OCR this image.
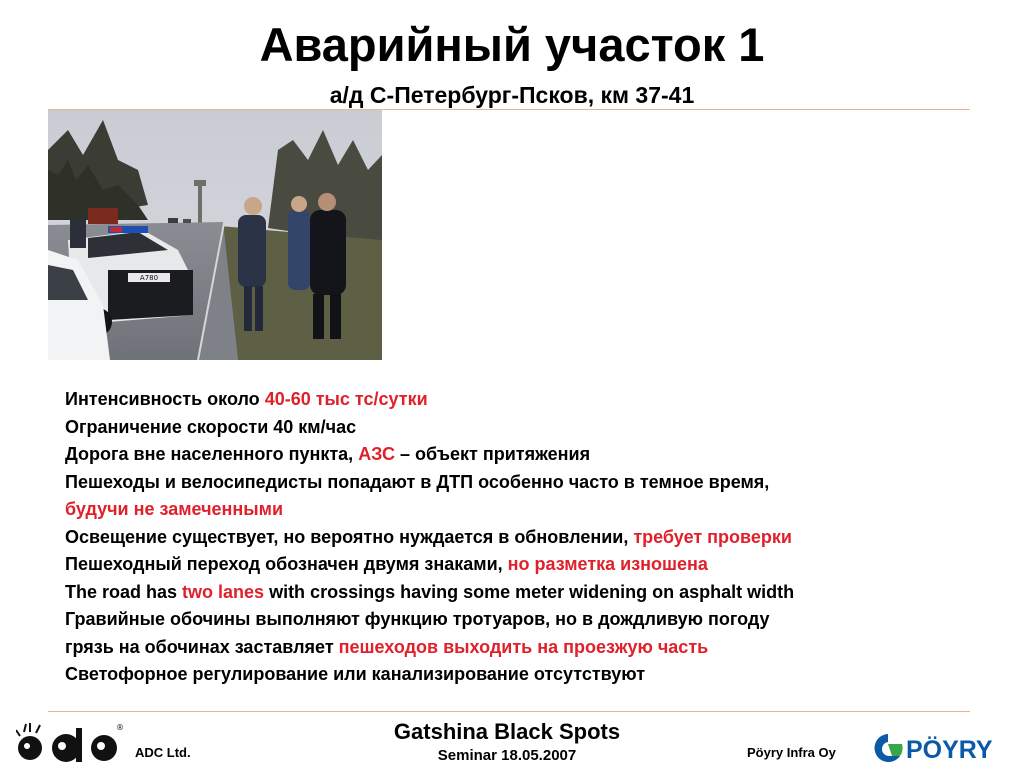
Аварийный участок 1
а/д С-Петербург-Псков, км 37-41
A780
Интенсивность около 40-60 тыс тс/сутки
Ограничение скорости 40 км/час
Дорога вне населенного пункта, АЗС – объект притяжения
Пешеходы и велосипедисты попадают в ДТП особенно часто в темное время,
будучи не замеченными
Освещение существует, но вероятно нуждается в обновлении, требует проверки
Пешеходный переход обозначен двумя знаками, но разметка изношена
The road has two lanes with crossings having some meter widening on asphalt width
Гравийные обочины выполняют функцию тротуаров, но в дождливую погоду
грязь на обочинах заставляет пешеходов выходить на проезжую часть
Светофорное регулирование или канализирование отсутствуют
®
ADC Ltd.
Gatshina Black Spots
Seminar 18.05.2007	Pöyry Infra Oy	PÖYRY
